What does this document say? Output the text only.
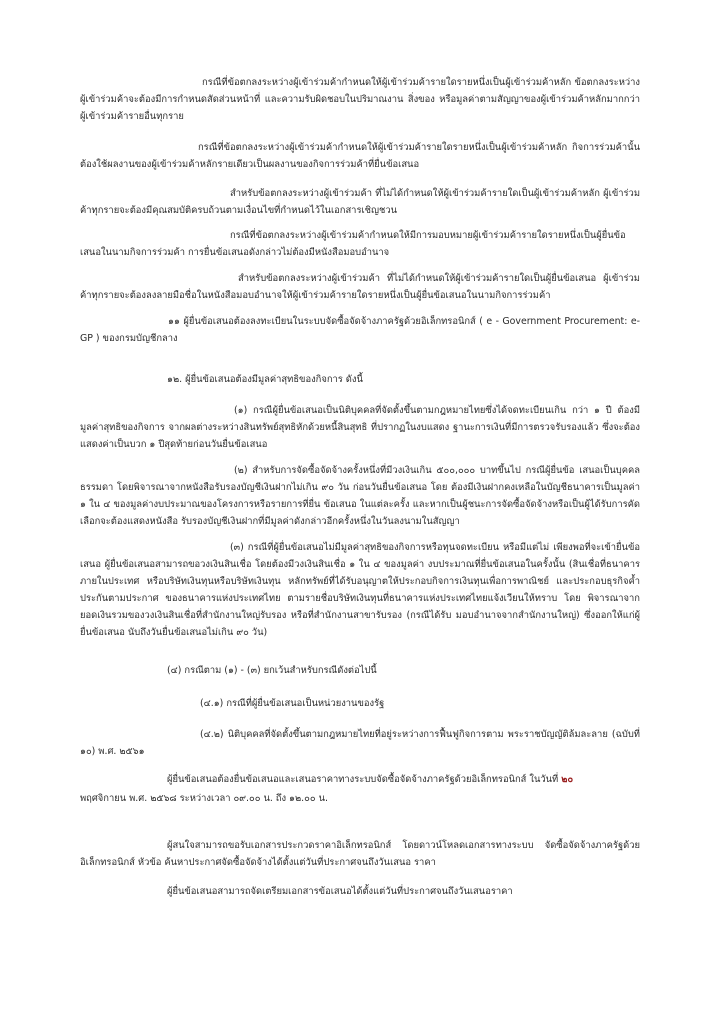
กรณีที่ข้อตกลงระหว่างผู้เข้าร่วมค้ากำหนดให้ผู้เข้าร่วมค้ารายใดรายหนึ่งเป็นผู้เข้าร่วมค้าหลัก ข้อตกลงระหว่างผู้เข้าร่วมค้าจะต้องมีการกำหนดสัดส่วนหน้าที่ และความรับผิดชอบในปริมาณงาน สิ่งของ หรือมูลค่าตามสัญญาของผู้เข้าร่วมค้าหลักมากกว่าผู้เข้าร่วมค้ารายอื่นทุกราย

กรณีที่ข้อตกลงระหว่างผู้เข้าร่วมค้ากำหนดให้ผู้เข้าร่วมค้ารายใดรายหนึ่งเป็นผู้เข้าร่วมค้าหลัก กิจการร่วมค้านั้นต้องใช้ผลงานของผู้เข้าร่วมค้าหลักรายเดียวเป็นผลงานของกิจการร่วมค้าที่ยื่นข้อเสนอ

สำหรับข้อตกลงระหว่างผู้เข้าร่วมค้า ที่ไม่ได้กำหนดให้ผู้เข้าร่วมค้ารายใดเป็นผู้เข้าร่วมค้าหลัก ผู้เข้าร่วมค้าทุกรายจะต้องมีคุณสมบัติครบถ้วนตามเงื่อนไขที่กำหนดไว้ในเอกสารเชิญชวน

กรณีที่ข้อตกลงระหว่างผู้เข้าร่วมค้ากำหนดให้มีการมอบหมายผู้เข้าร่วมค้ารายใดรายหนึ่งเป็นผู้ยื่นข้อเสนอในนามกิจการร่วมค้า การยื่นข้อเสนอดังกล่าวไม่ต้องมีหนังสือมอบอำนาจ

สำหรับข้อตกลงระหว่างผู้เข้าร่วมค้า ที่ไม่ได้กำหนดให้ผู้เข้าร่วมค้ารายใดเป็นผู้ยื่นข้อเสนอ ผู้เข้าร่วมค้าทุกรายจะต้องลงลายมือชื่อในหนังสือมอบอำนาจให้ผู้เข้าร่วมค้ารายใดรายหนึ่งเป็นผู้ยื่นข้อเสนอในนามกิจการร่วมค้า

๑๑ ผู้ยื่นข้อเสนอต้องลงทะเบียนในระบบจัดซื้อจัดจ้างภาครัฐด้วยอิเล็กทรอนิกส์ ( e - Government Procurement: e-GP ) ของกรมบัญชีกลาง

๑๒. ผู้ยื่นข้อเสนอต้องมีมูลค่าสุทธิของกิจการ ดังนี้

(๑) กรณีผู้ยื่นข้อเสนอเป็นนิติบุคคลที่จัดตั้งขึ้นตามกฎหมายไทยซึ่งได้จดทะเบียนเกิน กว่า ๑ ปี ต้องมีมูลค่าสุทธิของกิจการ จากผลต่างระหว่างสินทรัพย์สุทธิหักด้วยหนี้สินสุทธิ ที่ปรากฏในงบแสดง ฐานะการเงินที่มีการตรวจรับรองแล้ว ซึ่งจะต้องแสดงค่าเป็นบวก ๑ ปีสุดท้ายก่อนวันยื่นข้อเสนอ

(๒) สำหรับการจัดซื้อจัดจ้างครั้งหนึ่งที่มีวงเงินเกิน ๕๐๐,๐๐๐ บาทขึ้นไป กรณีผู้ยื่นข้อ เสนอเป็นบุคคลธรรมดา โดยพิจารณาจากหนังสือรับรองบัญชีเงินฝากไม่เกิน ๙๐ วัน ก่อนวันยื่นข้อเสนอ โดย ต้องมีเงินฝากคงเหลือในบัญชีธนาคารเป็นมูลค่า ๑ ใน ๔ ของมูลค่างบประมาณของโครงการหรือรายการที่ยื่น ข้อเสนอ ในแต่ละครั้ง และหากเป็นผู้ชนะการจัดซื้อจัดจ้างหรือเป็นผู้ได้รับการคัดเลือกจะต้องแสดงหนังสือ รับรองบัญชีเงินฝากที่มีมูลค่าดังกล่าวอีกครั้งหนึ่งในวันลงนามในสัญญา

(๓) กรณีที่ผู้ยื่นข้อเสนอไม่มีมูลค่าสุทธิของกิจการหรือทุนจดทะเบียน หรือมีแต่ไม่ เพียงพอที่จะเข้ายื่นข้อเสนอ ผู้ยื่นข้อเสนอสามารถขอวงเงินสินเชื่อ โดยต้องมีวงเงินสินเชื่อ ๑ ใน ๔ ของมูลค่า งบประมาณที่ยื่นข้อเสนอในครั้งนั้น (สินเชื่อที่ธนาคารภายในประเทศ หรือบริษัทเงินทุนหรือบริษัทเงินทุน หลักทรัพย์ที่ได้รับอนุญาตให้ประกอบกิจการเงินทุนเพื่อการพาณิชย์ และประกอบธุรกิจค้ำประกันตามประกาศ ของธนาคารแห่งประเทศไทย ตามรายชื่อบริษัทเงินทุนที่ธนาคารแห่งประเทศไทยแจ้งเวียนให้ทราบ โดย พิจารณาจากยอดเงินรวมของวงเงินสินเชื่อที่สำนักงานใหญ่รับรอง หรือที่สำนักงานสาขารับรอง (กรณีได้รับ มอบอำนาจจากสำนักงานใหญ่) ซึ่งออกให้แก่ผู้ยื่นข้อเสนอ นับถึงวันยื่นข้อเสนอไม่เกิน ๙๐ วัน)

(๔) กรณีตาม (๑) - (๓) ยกเว้นสำหรับกรณีดังต่อไปนี้

(๔.๑) กรณีที่ผู้ยื่นข้อเสนอเป็นหน่วยงานของรัฐ

(๔.๒) นิติบุคคลที่จัดตั้งขึ้นตามกฎหมายไทยที่อยู่ระหว่างการฟื้นฟูกิจการตาม พระราชบัญญัติล้มละลาย (ฉบับที่ ๑๐) พ.ศ. ๒๕๖๑

ผู้ยื่นข้อเสนอต้องยื่นข้อเสนอและเสนอราคาทางระบบจัดซื้อจัดจ้างภาครัฐด้วยอิเล็กทรอนิกส์ ในวันที่ ๒๐

พฤศจิกายน พ.ศ. ๒๕๖๘ ระหว่างเวลา ๐๙.๐๐ น. ถึง ๑๒.๐๐ น.

ผู้สนใจสามารถขอรับเอกสารประกวดราคาอิเล็กทรอนิกส์ โดยดาวน์โหลดเอกสารทางระบบ จัดซื้อจัดจ้างภาครัฐด้วยอิเล็กทรอนิกส์ หัวข้อ ค้นหาประกาศจัดซื้อจัดจ้างได้ตั้งแต่วันที่ประกาศจนถึงวันเสนอ ราคา

ผู้ยื่นข้อเสนอสามารถจัดเตรียมเอกสารข้อเสนอได้ตั้งแต่วันที่ประกาศจนถึงวันเสนอราคา
